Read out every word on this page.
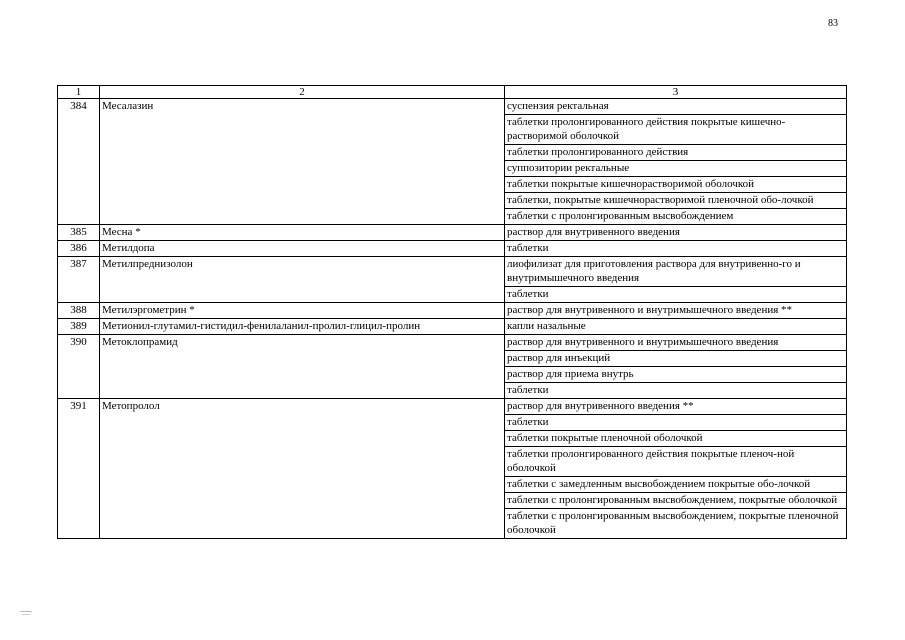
83
1	2	3
384	Месалазин	суспензия ректальная
		таблетки пролонгированного действия покрытые кишечно-растворимой оболочкой
		таблетки пролонгированного действия
		суппозитории ректальные
		таблетки покрытые кишечнорастворимой оболочкой
		таблетки, покрытые кишечнорастворимой пленочной обо-лочкой
		таблетки с пролонгированным высвобождением
385	Месна *	раствор для внутривенного введения
386	Метилдопа	таблетки
387	Метилпреднизолон	лиофилизат для приготовления раствора для внутривенно-го и внутримышечного введения
		таблетки
388	Метилэргометрин *	раствор для внутривенного и внутримышечного введения **
389	Метионил-глутамил-гистидил-фенилаланил-пролил-глицил-пролин	капли назальные
390	Метоклопрамид	раствор для внутривенного и внутримышечного введения
		раствор для инъекций
		раствор для приема внутрь
		таблетки
391	Метопролол	раствор для внутривенного введения **
		таблетки
		таблетки покрытые пленочной оболочкой
		таблетки пролонгированного действия покрытые пленоч-ной оболочкой
		таблетки с замедленным высвобождением покрытые обо-лочкой
		таблетки с пролонгированным высвобождением, покрытые оболочкой
		таблетки с пролонгированным высвобождением, покрытые пленочной оболочкой
